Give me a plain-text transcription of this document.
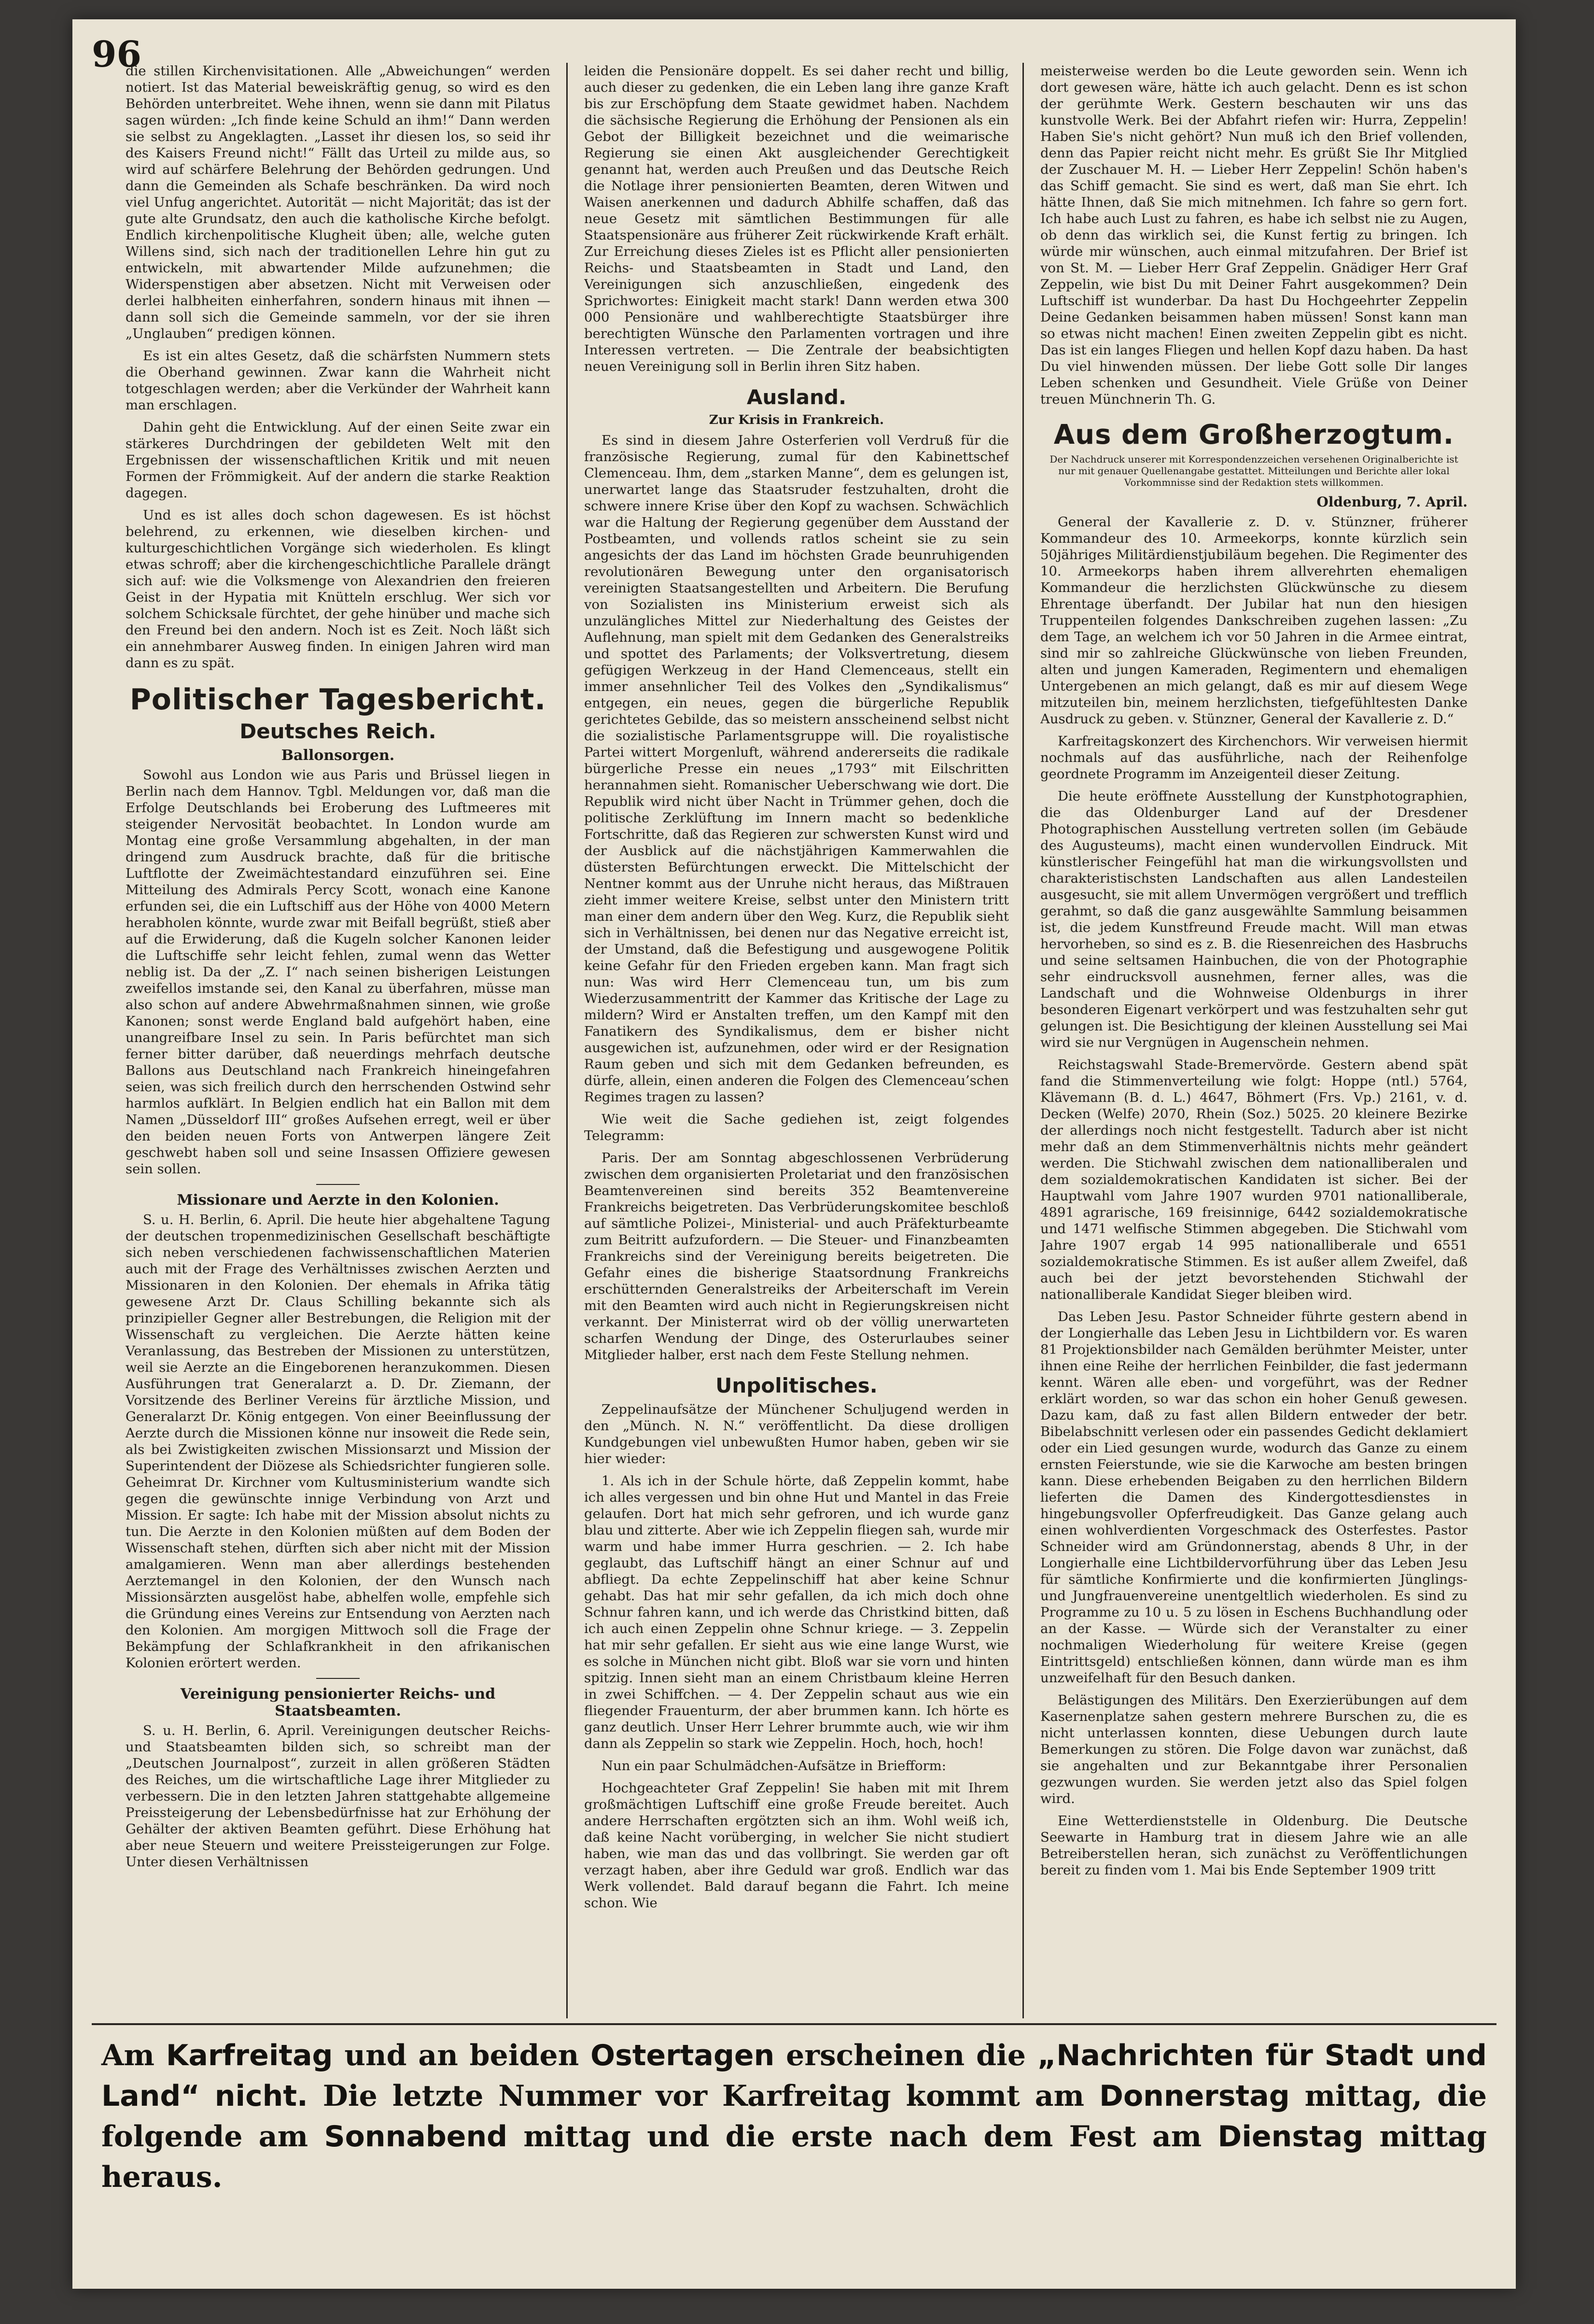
96

die stillen Kirchenvisitationen. Alle „Abweichungen“ werden notiert. Ist das Material beweiskräftig genug, so wird es den Behörden unterbreitet. Wehe ihnen, wenn sie dann mit Pilatus sagen würden: „Ich finde keine Schuld an ihm!“ Dann werden sie selbst zu Angeklagten. „Lasset ihr diesen los, so seid ihr des Kaisers Freund nicht!“ Fällt das Urteil zu milde aus, so wird auf schärfere Belehrung der Behörden gedrungen. Und dann die Gemeinden als Schafe beschränken. Da wird noch viel Unfug angerichtet. Autorität — nicht Majorität; das ist der gute alte Grundsatz, den auch die katholische Kirche befolgt. Endlich kirchenpolitische Klugheit üben; alle, welche guten Willens sind, sich nach der traditionellen Lehre hin gut zu entwickeln, mit abwartender Milde aufzunehmen; die Widerspenstigen aber absetzen. Nicht mit Verweisen oder derlei halbheiten einherfahren, sondern hinaus mit ihnen — dann soll sich die Gemeinde sammeln, vor der sie ihren „Unglauben“ predigen können.

Es ist ein altes Gesetz, daß die schärfsten Nummern stets die Oberhand gewinnen. Zwar kann die Wahrheit nicht totgeschlagen werden; aber die Verkünder der Wahrheit kann man erschlagen.

Dahin geht die Entwicklung. Auf der einen Seite zwar ein stärkeres Durchdringen der gebildeten Welt mit den Ergebnissen der wissenschaftlichen Kritik und mit neuen Formen der Frömmigkeit. Auf der andern die starke Reaktion dagegen.

Und es ist alles doch schon dagewesen. Es ist höchst belehrend, zu erkennen, wie dieselben kirchen- und kulturgeschichtlichen Vorgänge sich wiederholen. Es klingt etwas schroff; aber die kirchengeschichtliche Parallele drängt sich auf: wie die Volksmenge von Alexandrien den freieren Geist in der Hypatia mit Knütteln erschlug. Wer sich vor solchem Schicksale fürchtet, der gehe hinüber und mache sich den Freund bei den andern. Noch ist es Zeit. Noch läßt sich ein annehmbarer Ausweg finden. In einigen Jahren wird man dann es zu spät.

Politischer Tagesbericht.
Deutsches Reich.
Ballonsorgen.

Sowohl aus London wie aus Paris und Brüssel liegen in Berlin nach dem Hannov. Tgbl. Meldungen vor, daß man die Erfolge Deutschlands bei Eroberung des Luftmeeres mit steigender Nervosität beobachtet. In London wurde am Montag eine große Versammlung abgehalten, in der man dringend zum Ausdruck brachte, daß für die britische Luftflotte der Zweimächtestandard einzuführen sei. Eine Mitteilung des Admirals Percy Scott, wonach eine Kanone erfunden sei, die ein Luftschiff aus der Höhe von 4000 Metern herabholen könnte, wurde zwar mit Beifall begrüßt, stieß aber auf die Erwiderung, daß die Kugeln solcher Kanonen leider die Luftschiffe sehr leicht fehlen, zumal wenn das Wetter neblig ist. Da der „Z. I“ nach seinen bisherigen Leistungen zweifellos imstande sei, den Kanal zu überfahren, müsse man also schon auf andere Abwehrmaßnahmen sinnen, wie große Kanonen; sonst werde England bald aufgehört haben, eine unangreifbare Insel zu sein. In Paris befürchtet man sich ferner bitter darüber, daß neuerdings mehrfach deutsche Ballons aus Deutschland nach Frankreich hineingefahren seien, was sich freilich durch den herrschenden Ostwind sehr harmlos aufklärt. In Belgien endlich hat ein Ballon mit dem Namen „Düsseldorf III“ großes Aufsehen erregt, weil er über den beiden neuen Forts von Antwerpen längere Zeit geschwebt haben soll und seine Insassen Offiziere gewesen sein sollen.

Missionare und Aerzte in den Kolonien.

S. u. H. Berlin, 6. April. Die heute hier abgehaltene Tagung der deutschen tropenmedizinischen Gesellschaft beschäftigte sich neben verschiedenen fachwissenschaftlichen Materien auch mit der Frage des Verhältnisses zwischen Aerzten und Missionaren in den Kolonien. Der ehemals in Afrika tätig gewesene Arzt Dr. Claus Schilling bekannte sich als prinzipieller Gegner aller Bestrebungen, die Religion mit der Wissenschaft zu vergleichen. Die Aerzte hätten keine Veranlassung, das Bestreben der Missionen zu unterstützen, weil sie Aerzte an die Eingeborenen heranzukommen. Diesen Ausführungen trat Generalarzt a. D. Dr. Ziemann, der Vorsitzende des Berliner Vereins für ärztliche Mission, und Generalarzt Dr. König entgegen. Von einer Beeinflussung der Aerzte durch die Missionen könne nur insoweit die Rede sein, als bei Zwistigkeiten zwischen Missionsarzt und Mission der Superintendent der Diözese als Schiedsrichter fungieren solle. Geheimrat Dr. Kirchner vom Kultusministerium wandte sich gegen die gewünschte innige Verbindung von Arzt und Mission. Er sagte: Ich habe mit der Mission absolut nichts zu tun. Die Aerzte in den Kolonien müßten auf dem Boden der Wissenschaft stehen, dürften sich aber nicht mit der Mission amalgamieren. Wenn man aber allerdings bestehenden Aerztemangel in den Kolonien, der den Wunsch nach Missionsärzten ausgelöst habe, abhelfen wolle, empfehle sich die Gründung eines Vereins zur Entsendung von Aerzten nach den Kolonien. Am morgigen Mittwoch soll die Frage der Bekämpfung der Schlafkrankheit in den afrikanischen Kolonien erörtert werden.

Vereinigung pensionierter Reichs- und Staatsbeamten.

S. u. H. Berlin, 6. April. Vereinigungen deutscher Reichs- und Staatsbeamten bilden sich, so schreibt man der „Deutschen Journalpost“, zurzeit in allen größeren Städten des Reiches, um die wirtschaftliche Lage ihrer Mitglieder zu verbessern. Die in den letzten Jahren stattgehabte allgemeine Preissteigerung der Lebensbedürfnisse hat zur Erhöhung der Gehälter der aktiven Beamten geführt. Diese Erhöhung hat aber neue Steuern und weitere Preissteigerungen zur Folge. Unter diesen Verhältnissen

leiden die Pensionäre doppelt. Es sei daher recht und billig, auch dieser zu gedenken, die ein Leben lang ihre ganze Kraft bis zur Erschöpfung dem Staate gewidmet haben. Nachdem die sächsische Regierung die Erhöhung der Pensionen als ein Gebot der Billigkeit bezeichnet und die weimarische Regierung sie einen Akt ausgleichender Gerechtigkeit genannt hat, werden auch Preußen und das Deutsche Reich die Notlage ihrer pensionierten Beamten, deren Witwen und Waisen anerkennen und dadurch Abhilfe schaffen, daß das neue Gesetz mit sämtlichen Bestimmungen für alle Staatspensionäre aus früherer Zeit rückwirkende Kraft erhält. Zur Erreichung dieses Zieles ist es Pflicht aller pensionierten Reichs- und Staatsbeamten in Stadt und Land, den Vereinigungen sich anzuschließen, eingedenk des Sprichwortes: Einigkeit macht stark! Dann werden etwa 300 000 Pensionäre und wahlberechtigte Staatsbürger ihre berechtigten Wünsche den Parlamenten vortragen und ihre Interessen vertreten. — Die Zentrale der beabsichtigten neuen Vereinigung soll in Berlin ihren Sitz haben.

Ausland.
Zur Krisis in Frankreich.

Es sind in diesem Jahre Osterferien voll Verdruß für die französische Regierung, zumal für den Kabinettschef Clemenceau. Ihm, dem „starken Manne“, dem es gelungen ist, unerwartet lange das Staatsruder festzuhalten, droht die schwere innere Krise über den Kopf zu wachsen. Schwächlich war die Haltung der Regierung gegenüber dem Ausstand der Postbeamten, und vollends ratlos scheint sie zu sein angesichts der das Land im höchsten Grade beunruhigenden revolutionären Bewegung unter den organisatorisch vereinigten Staatsangestellten und Arbeitern. Die Berufung von Sozialisten ins Ministerium erweist sich als unzulängliches Mittel zur Niederhaltung des Geistes der Auflehnung, man spielt mit dem Gedanken des Generalstreiks und spottet des Parlaments; der Volksvertretung, diesem gefügigen Werkzeug in der Hand Clemenceaus, stellt ein immer ansehnlicher Teil des Volkes den „Syndikalismus“ entgegen, ein neues, gegen die bürgerliche Republik gerichtetes Gebilde, das so meistern ansscheinend selbst nicht die sozialistische Parlamentsgruppe will. Die royalistische Partei wittert Morgenluft, während andererseits die radikale bürgerliche Presse ein neues „1793“ mit Eilschritten herannahmen sieht. Romanischer Ueberschwang wie dort. Die Republik wird nicht über Nacht in Trümmer gehen, doch die politische Zerklüftung im Innern macht so bedenkliche Fortschritte, daß das Regieren zur schwersten Kunst wird und der Ausblick auf die nächstjährigen Kammerwahlen die düstersten Befürchtungen erweckt. Die Mittelschicht der Nentner kommt aus der Unruhe nicht heraus, das Mißtrauen zieht immer weitere Kreise, selbst unter den Ministern tritt man einer dem andern über den Weg. Kurz, die Republik sieht sich in Verhältnissen, bei denen nur das Negative erreicht ist, der Umstand, daß die Befestigung und ausgewogene Politik keine Gefahr für den Frieden ergeben kann. Man fragt sich nun: Was wird Herr Clemenceau tun, um bis zum Wiederzusammentritt der Kammer das Kritische der Lage zu mildern? Wird er Anstalten treffen, um den Kampf mit den Fanatikern des Syndikalismus, dem er bisher nicht ausgewichen ist, aufzunehmen, oder wird er der Resignation Raum geben und sich mit dem Gedanken befreunden, es dürfe, allein, einen anderen die Folgen des Clemenceau’schen Regimes tragen zu lassen?

Wie weit die Sache gediehen ist, zeigt folgendes Telegramm:

Paris. Der am Sonntag abgeschlossenen Verbrüderung zwischen dem organisierten Proletariat und den französischen Beamtenvereinen sind bereits 352 Beamtenvereine Frankreichs beigetreten. Das Verbrüderungskomitee beschloß auf sämtliche Polizei-, Ministerial- und auch Präfekturbeamte zum Beitritt aufzufordern. — Die Steuer- und Finanzbeamten Frankreichs sind der Vereinigung bereits beigetreten. Die Gefahr eines die bisherige Staatsordnung Frankreichs erschütternden Generalstreiks der Arbeiterschaft im Verein mit den Beamten wird auch nicht in Regierungskreisen nicht verkannt. Der Ministerrat wird ob der völlig unerwarteten scharfen Wendung der Dinge, des Osterurlaubes seiner Mitglieder halber, erst nach dem Feste Stellung nehmen.

Unpolitisches.

Zeppelinaufsätze der Münchener Schuljugend werden in den „Münch. N. N.“ veröffentlicht. Da diese drolligen Kundgebungen viel unbewußten Humor haben, geben wir sie hier wieder:

1. Als ich in der Schule hörte, daß Zeppelin kommt, habe ich alles vergessen und bin ohne Hut und Mantel in das Freie gelaufen. Dort hat mich sehr gefroren, und ich wurde ganz blau und zitterte. Aber wie ich Zeppelin fliegen sah, wurde mir warm und habe immer Hurra geschrien. — 2. Ich habe geglaubt, das Luftschiff hängt an einer Schnur auf und abfliegt. Da echte Zeppelinschiff hat aber keine Schnur gehabt. Das hat mir sehr gefallen, da ich mich doch ohne Schnur fahren kann, und ich werde das Christkind bitten, daß ich auch einen Zeppelin ohne Schnur kriege. — 3. Zeppelin hat mir sehr gefallen. Er sieht aus wie eine lange Wurst, wie es solche in München nicht gibt. Bloß war sie vorn und hinten spitzig. Innen sieht man an einem Christbaum kleine Herren in zwei Schiffchen. — 4. Der Zeppelin schaut aus wie ein fliegender Frauenturm, der aber brummen kann. Ich hörte es ganz deutlich. Unser Herr Lehrer brummte auch, wie wir ihm dann als Zeppelin so stark wie Zeppelin. Hoch, hoch, hoch!

Nun ein paar Schulmädchen-Aufsätze in Briefform:

Hochgeachteter Graf Zeppelin! Sie haben mit mit Ihrem großmächtigen Luftschiff eine große Freude bereitet. Auch andere Herrschaften ergötzten sich an ihm. Wohl weiß ich, daß keine Nacht vorüberging, in welcher Sie nicht studiert haben, wie man das und das vollbringt. Sie werden gar oft verzagt haben, aber ihre Geduld war groß. Endlich war das Werk vollendet. Bald darauf begann die Fahrt. Ich meine schon. Wie

meisterweise werden bo die Leute geworden sein. Wenn ich dort gewesen wäre, hätte ich auch gelacht. Denn es ist schon der gerühmte Werk. Gestern beschauten wir uns das kunstvolle Werk. Bei der Abfahrt riefen wir: Hurra, Zeppelin! Haben Sie's nicht gehört? Nun muß ich den Brief vollenden, denn das Papier reicht nicht mehr. Es grüßt Sie Ihr Mitglied der Zuschauer M. H. — Lieber Herr Zeppelin! Schön haben's das Schiff gemacht. Sie sind es wert, daß man Sie ehrt. Ich hätte Ihnen, daß Sie mich mitnehmen. Ich fahre so gern fort. Ich habe auch Lust zu fahren, es habe ich selbst nie zu Augen, ob denn das wirklich sei, die Kunst fertig zu bringen. Ich würde mir wünschen, auch einmal mitzufahren. Der Brief ist von St. M. — Lieber Herr Graf Zeppelin. Gnädiger Herr Graf Zeppelin, wie bist Du mit Deiner Fahrt ausgekommen? Dein Luftschiff ist wunderbar. Da hast Du Hochgeehrter Zeppelin Deine Gedanken beisammen haben müssen! Sonst kann man so etwas nicht machen! Einen zweiten Zeppelin gibt es nicht. Das ist ein langes Fliegen und hellen Kopf dazu haben. Da hast Du viel hinwenden müssen. Der liebe Gott solle Dir langes Leben schenken und Gesundheit. Viele Grüße von Deiner treuen Münchnerin Th. G.

Aus dem Großherzogtum.
Der Nachdruck unserer mit Korrespondenzzeichen versehenen Originalberichte ist nur mit genauer Quellenangabe gestattet. Mitteilungen und Berichte aller lokal Vorkommnisse sind der Redaktion stets willkommen.
Oldenburg, 7. April.

General der Kavallerie z. D. v. Stünzner, früherer Kommandeur des 10. Armeekorps, konnte kürzlich sein 50jähriges Militärdienstjubiläum begehen. Die Regimenter des 10. Armeekorps haben ihrem allverehrten ehemaligen Kommandeur die herzlichsten Glückwünsche zu diesem Ehrentage überfandt. Der Jubilar hat nun den hiesigen Truppenteilen folgendes Dankschreiben zugehen lassen: „Zu dem Tage, an welchem ich vor 50 Jahren in die Armee eintrat, sind mir so zahlreiche Glückwünsche von lieben Freunden, alten und jungen Kameraden, Regimentern und ehemaligen Untergebenen an mich gelangt, daß es mir auf diesem Wege mitzuteilen bin, meinem herzlichsten, tiefgefühltesten Danke Ausdruck zu geben. v. Stünzner, General der Kavallerie z. D.“

Karfreitagskonzert des Kirchenchors. Wir verweisen hiermit nochmals auf das ausführliche, nach der Reihenfolge geordnete Programm im Anzeigenteil dieser Zeitung.

Die heute eröffnete Ausstellung der Kunstphotographien, die das Oldenburger Land auf der Dresdener Photographischen Ausstellung vertreten sollen (im Gebäude des Augusteums), macht einen wundervollen Eindruck. Mit künstlerischer Feingefühl hat man die wirkungsvollsten und charakteristischsten Landschaften aus allen Landesteilen ausgesucht, sie mit allem Unvermögen vergrößert und trefflich gerahmt, so daß die ganz ausgewählte Sammlung beisammen ist, die jedem Kunstfreund Freude macht. Will man etwas hervorheben, so sind es z. B. die Riesenreichen des Hasbruchs und seine seltsamen Hainbuchen, die von der Photographie sehr eindrucksvoll ausnehmen, ferner alles, was die Landschaft und die Wohnweise Oldenburgs in ihrer besonderen Eigenart verkörpert und was festzuhalten sehr gut gelungen ist. Die Besichtigung der kleinen Ausstellung sei Mai wird sie nur Vergnügen in Augenschein nehmen.

Reichstagswahl Stade-Bremervörde. Gestern abend spät fand die Stimmenverteilung wie folgt: Hoppe (ntl.) 5764, Klävemann (B. d. L.) 4647, Böhmert (Frs. Vp.) 2161, v. d. Decken (Welfe) 2070, Rhein (Soz.) 5025. 20 kleinere Bezirke der allerdings noch nicht festgestellt. Tadurch aber ist nicht mehr daß an dem Stimmenverhältnis nichts mehr geändert werden. Die Stichwahl zwischen dem nationalliberalen und dem sozialdemokratischen Kandidaten ist sicher. Bei der Hauptwahl vom Jahre 1907 wurden 9701 nationalliberale, 4891 agrarische, 169 freisinnige, 6442 sozialdemokratische und 1471 welfische Stimmen abgegeben. Die Stichwahl vom Jahre 1907 ergab 14 995 nationalliberale und 6551 sozialdemokratische Stimmen. Es ist außer allem Zweifel, daß auch bei der jetzt bevorstehenden Stichwahl der nationalliberale Kandidat Sieger bleiben wird.

Das Leben Jesu. Pastor Schneider führte gestern abend in der Longierhalle das Leben Jesu in Lichtbildern vor. Es waren 81 Projektionsbilder nach Gemälden berühmter Meister, unter ihnen eine Reihe der herrlichen Feinbilder, die fast jedermann kennt. Wären alle eben- und vorgeführt, was der Redner erklärt worden, so war das schon ein hoher Genuß gewesen. Dazu kam, daß zu fast allen Bildern entweder der betr. Bibelabschnitt verlesen oder ein passendes Gedicht deklamiert oder ein Lied gesungen wurde, wodurch das Ganze zu einem ernsten Feierstunde, wie sie die Karwoche am besten bringen kann. Diese erhebenden Beigaben zu den herrlichen Bildern lieferten die Damen des Kindergottesdienstes in hingebungsvoller Opferfreudigkeit. Das Ganze gelang auch einen wohlverdienten Vorgeschmack des Osterfestes. Pastor Schneider wird am Gründonnerstag, abends 8 Uhr, in der Longierhalle eine Lichtbildervorführung über das Leben Jesu für sämtliche Konfirmierte und die konfirmierten Jünglings- und Jungfrauenvereine unentgeltlich wiederholen. Es sind zu Programme zu 10 u. 5 zu lösen in Eschens Buchhandlung oder an der Kasse. — Würde sich der Veranstalter zu einer nochmaligen Wiederholung für weitere Kreise (gegen Eintrittsgeld) entschließen können, dann würde man es ihm unzweifelhaft für den Besuch danken.

Belästigungen des Militärs. Den Exerzierübungen auf dem Kasernenplatze sahen gestern mehrere Burschen zu, die es nicht unterlassen konnten, diese Uebungen durch laute Bemerkungen zu stören. Die Folge davon war zunächst, daß sie angehalten und zur Bekanntgabe ihrer Personalien gezwungen wurden. Sie werden jetzt also das Spiel folgen wird.

Eine Wetterdienststelle in Oldenburg. Die Deutsche Seewarte in Hamburg trat in diesem Jahre wie an alle Betreiberstellen heran, sich zunächst zu Veröffentlichungen bereit zu finden vom 1. Mai bis Ende September 1909 tritt

Am Karfreitag und an beiden Ostertagen erscheinen die „Nachrichten für Stadt und Land“ nicht. Die letzte Nummer vor Karfreitag kommt am Donnerstag mittag, die folgende am Sonnabend mittag und die erste nach dem Fest am Dienstag mittag heraus.
